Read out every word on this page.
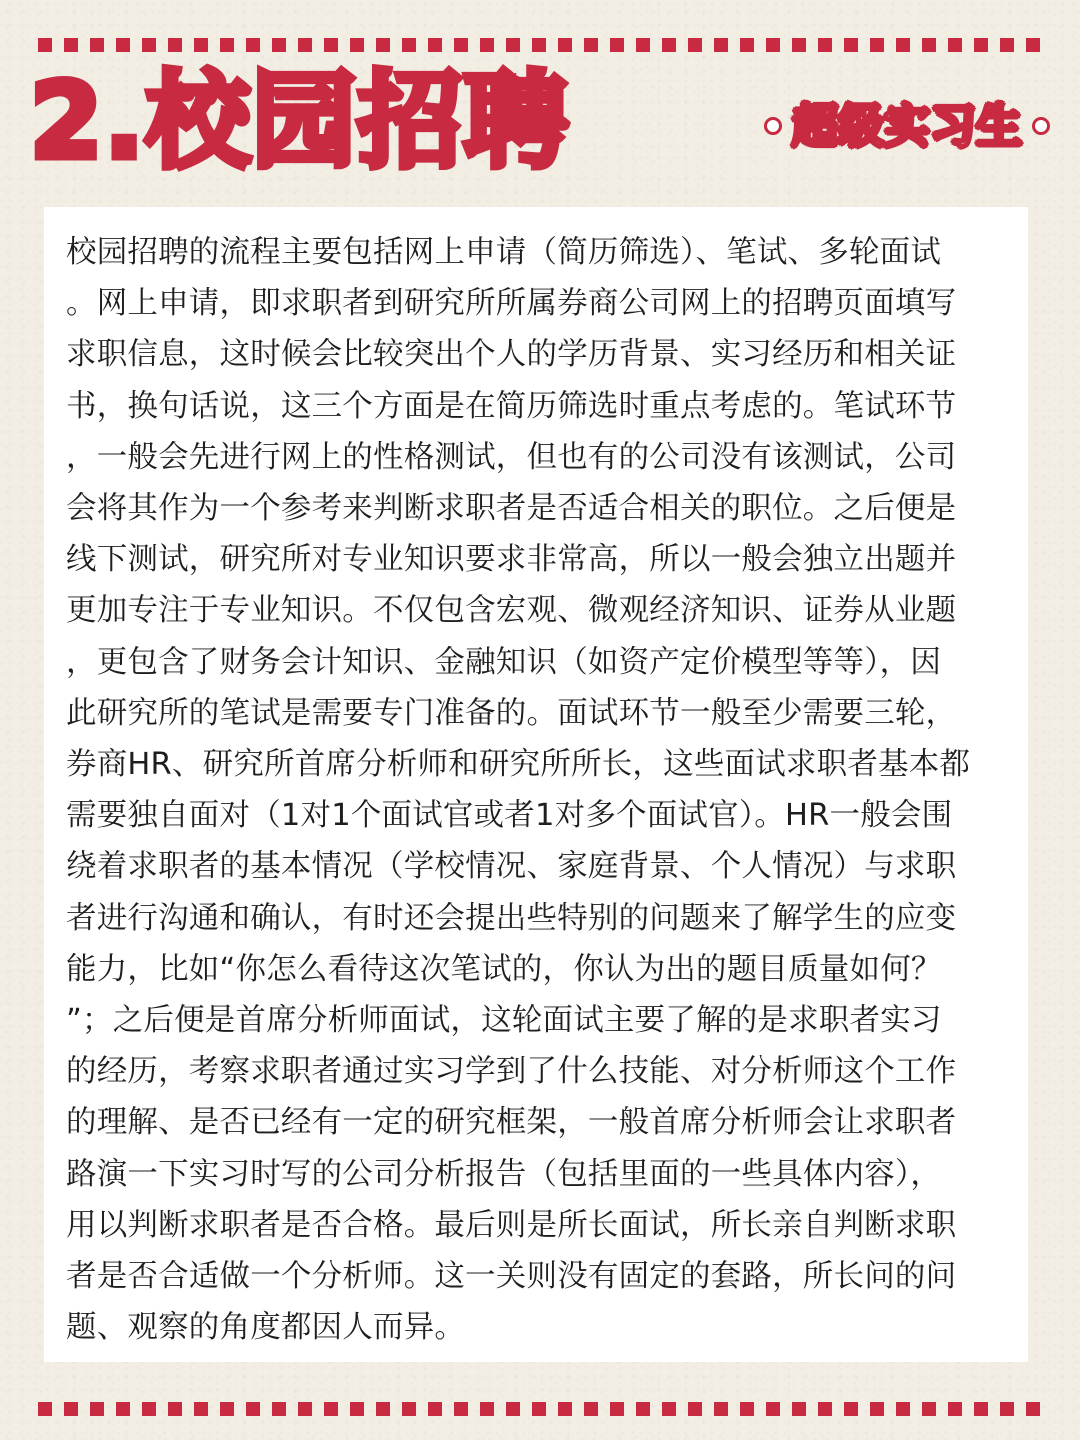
2.校园招聘	超级实习生

校园招聘的流程主要包括网上申请（简历筛选）、笔试、多轮面试
。网上申请，即求职者到研究所所属券商公司网上的招聘页面填写
求职信息，这时候会比较突出个人的学历背景、实习经历和相关证
书，换句话说，这三个方面是在简历筛选时重点考虑的。笔试环节
，一般会先进行网上的性格测试，但也有的公司没有该测试，公司
会将其作为一个参考来判断求职者是否适合相关的职位。之后便是
线下测试，研究所对专业知识要求非常高，所以一般会独立出题并
更加专注于专业知识。不仅包含宏观、微观经济知识、证券从业题
，更包含了财务会计知识、金融知识（如资产定价模型等等），因
此研究所的笔试是需要专门准备的。面试环节一般至少需要三轮，
券商HR、研究所首席分析师和研究所所长，这些面试求职者基本都
需要独自面对（1对1个面试官或者1对多个面试官）。HR一般会围
绕着求职者的基本情况（学校情况、家庭背景、个人情况）与求职
者进行沟通和确认，有时还会提出些特别的问题来了解学生的应变
能力，比如“你怎么看待这次笔试的，你认为出的题目质量如何？
”；之后便是首席分析师面试，这轮面试主要了解的是求职者实习
的经历，考察求职者通过实习学到了什么技能、对分析师这个工作
的理解、是否已经有一定的研究框架，一般首席分析师会让求职者
路演一下实习时写的公司分析报告（包括里面的一些具体内容），
用以判断求职者是否合格。最后则是所长面试，所长亲自判断求职
者是否合适做一个分析师。这一关则没有固定的套路，所长问的问
题、观察的角度都因人而异。
